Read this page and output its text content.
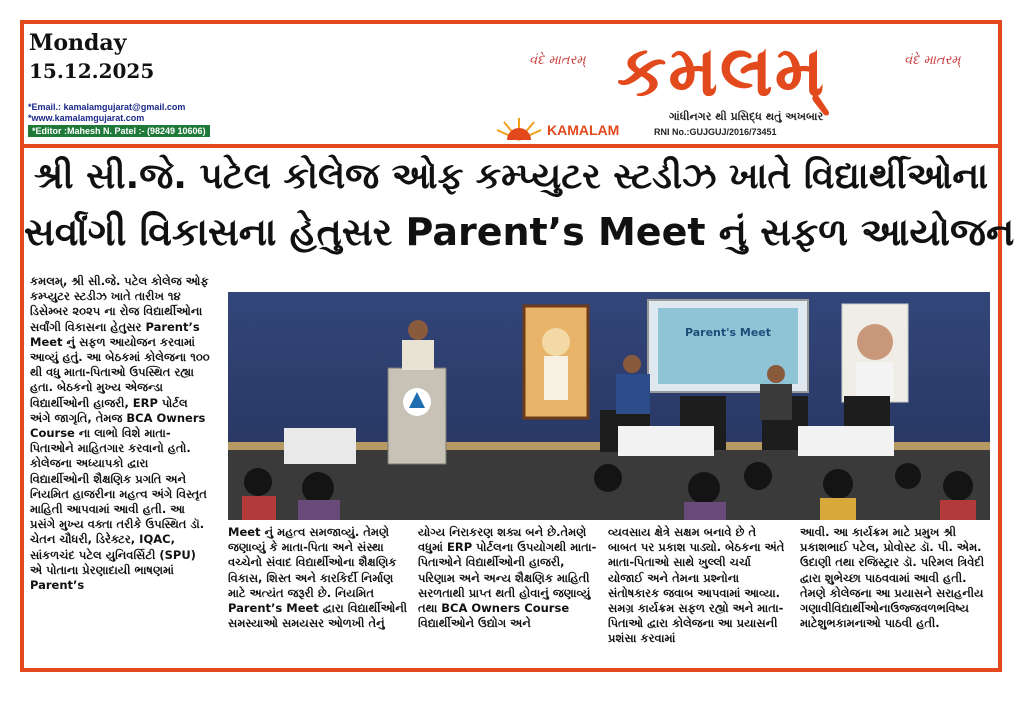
Monday
15.12.2025
*Email.: kamalamgujarat@gmail.com
*www.kamalamgujarat.com
*Editor :Mahesh N. Patel :- (98249 10606)
વંદે માતરમ્	વંદે માતરમ્
કમલમ્
ગાંધીનગર થી પ્રસિદ્ધ થતું અખબાર
KAMALAM	RNI No.:GUJGUJ/2016/73451
શ્રી સી.જે. પટેલ કોલેજ ઓફ કમ્પ્યુટર સ્ટડીઝ ખાતે વિદ્યાર્થીઓના
સર્વાંગી વિકાસના હેતુસર Parent’s Meet નું સફળ આયોજન
Parent's Meet

કમલમ્, શ્રી સી.જે. પટેલ કોલેજ ઓફ કમ્પ્યુટર સ્ટડીઝ ખાતે તારીખ ૧૪ ડિસેમ્બર ૨૦૨૫ ના રોજ વિદ્યાર્થીઓના સર્વાંગી વિકાસના હેતુસર Parent’s Meet નું સફળ આયોજન કરવામાં આવ્યું હતું. આ બેઠકમાં કોલેજના ૧૦૦ થી વધુ માતા-પિતાઓ ઉપસ્થિત રહ્યા હતા. બેઠકનો મુખ્ય એજન્ડા વિદ્યાર્થીઓની હાજરી, ERP પોર્ટલ અંગે જાગૃતિ, તેમજ BCA Owners Course ના લાભો વિશે માતા-પિતાઓને માહિતગાર કરવાનો હતો. કોલેજના અધ્યાપકો દ્વારા વિદ્યાર્થીઓની શૈક્ષણિક પ્રગતિ અને નિયમિત હાજરીના મહત્વ અંગે વિસ્તૃત માહિતી આપવામાં આવી હતી. આ પ્રસંગે મુખ્ય વક્તા તરીકે ઉપસ્થિત ડૉ. ચેતન ચૌધરી, ડિરેક્ટર, IQAC, સાંકળચંદ પટેલ યુનિવર્સિટી (SPU) એ પોતાના પ્રેરણાદાયી ભાષણમાં Parent’s

Meet નું મહત્વ સમજાવ્યું. તેમણે જણાવ્યું કે માતા-પિતા અને સંસ્થા વચ્ચેનો સંવાદ વિદ્યાર્થીઓના શૈક્ષણિક વિકાસ, શિસ્ત અને કારકિર્દી નિર્માણ માટે અત્યંત જરૂરી છે. નિયમિત Parent’s Meet દ્વારા વિદ્યાર્થીઓની સમસ્યાઓ સમયસર ઓળખી તેનું

યોગ્ય નિરાકરણ શક્ય બને છે.તેમણે વધુમાં ERP પોર્ટલના ઉપયોગથી માતા-પિતાઓને વિદ્યાર્થીઓની હાજરી, પરિણામ અને અન્ય શૈક્ષણિક માહિતી સરળતાથી પ્રાપ્ત થતી હોવાનું જણાવ્યું તથા BCA Owners Course વિદ્યાર્થીઓને ઉદ્યોગ અને

વ્યવસાય ક્ષેત્રે સક્ષમ બનાવે છે તે બાબત પર પ્રકાશ પાડ્યો. બેઠકના અંતે માતા-પિતાઓ સાથે ખુલ્લી ચર્ચા યોજાઈ અને તેમના પ્રશ્નોના સંતોષકારક જવાબ આપવામાં આવ્યા. સમગ્ર કાર્યક્રમ સફળ રહ્યો અને માતા-પિતાઓ દ્વારા કોલેજના આ પ્રયાસની પ્રશંસા કરવામાં

આવી. આ કાર્યક્રમ માટે પ્રમુખ શ્રી પ્રકાશભાઈ પટેલ, પ્રોવોસ્ટ ડૉ. પી. એમ. ઉદાણી તથા રજિસ્ટ્રાર ડૉ. પરિમલ ત્રિવેદી દ્વારા શુભેચ્છા પાઠવવામાં આવી હતી. તેમણે કોલેજના આ પ્રયાસને સરાહનીય ગણાવીવિદ્યાર્થીઓનાઉજ્જવળભવિષ્ય માટેશુભકામનાઓ પાઠવી હતી.
